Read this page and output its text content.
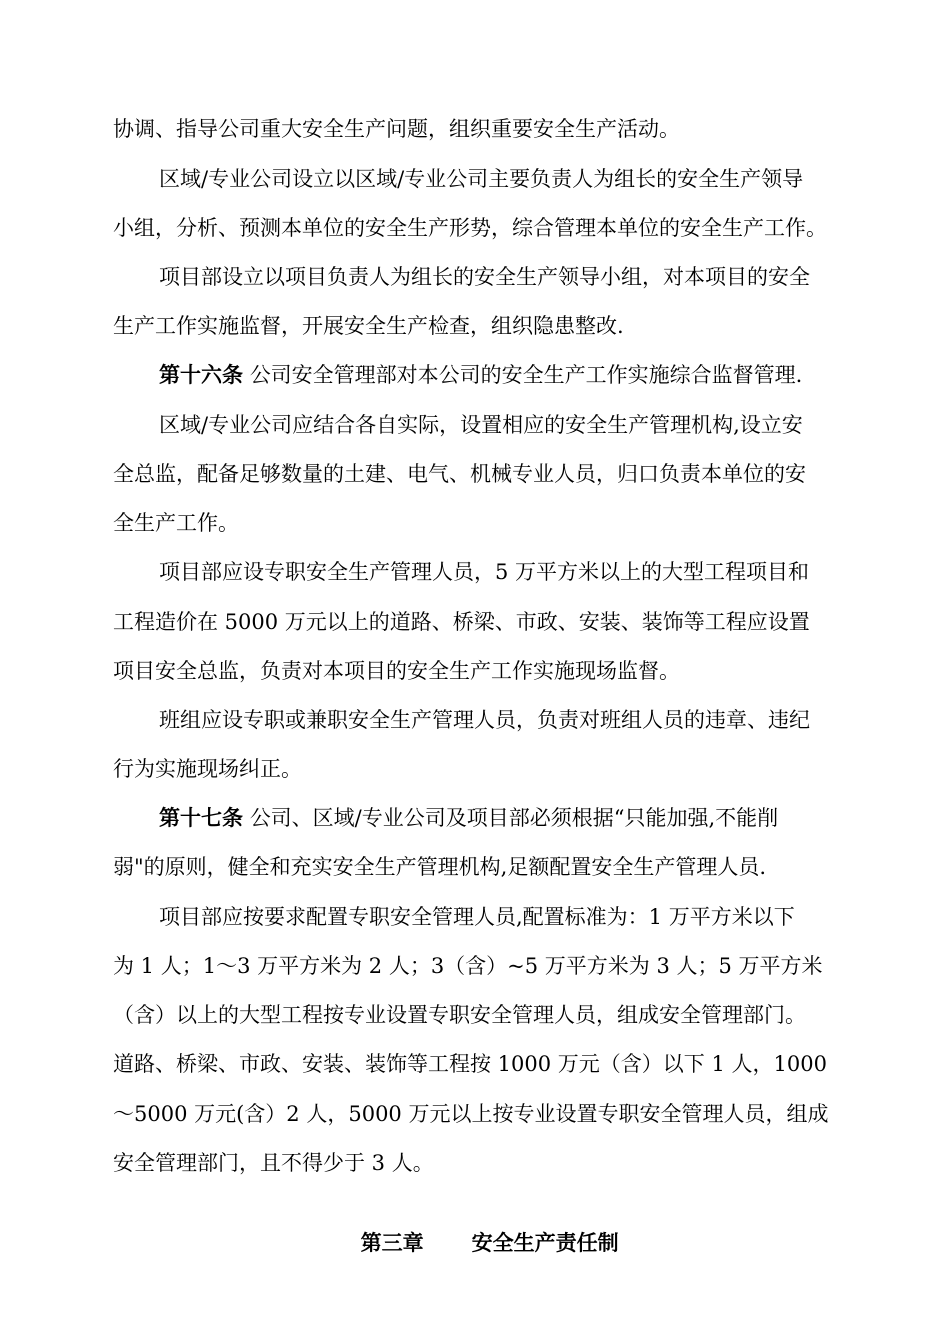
协调、指导公司重大安全生产问题，组织重要安全生产活动。
区域/专业公司设立以区域/专业公司主要负责人为组长的安全生产领导
小组，分析、预测本单位的安全生产形势，综合管理本单位的安全生产工作。
项目部设立以项目负责人为组长的安全生产领导小组，对本项目的安全
生产工作实施监督，开展安全生产检查，组织隐患整改.
第十六条 公司安全管理部对本公司的安全生产工作实施综合监督管理.
区域/专业公司应结合各自实际，设置相应的安全生产管理机构,设立安
全总监，配备足够数量的土建、电气、机械专业人员，归口负责本单位的安
全生产工作。
项目部应设专职安全生产管理人员，5 万平方米以上的大型工程项目和
工程造价在 5000 万元以上的道路、桥梁、市政、安装、装饰等工程应设置
项目安全总监，负责对本项目的安全生产工作实施现场监督。
班组应设专职或兼职安全生产管理人员，负责对班组人员的违章、违纪
行为实施现场纠正。
第十七条 公司、区域/专业公司及项目部必须根据“只能加强,不能削
弱"的原则，健全和充实安全生产管理机构,足额配置安全生产管理人员.
项目部应按要求配置专职安全管理人员,配置标准为：1 万平方米以下
为 1 人；1～3 万平方米为 2 人；3（含）~5 万平方米为 3 人；5 万平方米
（含）以上的大型工程按专业设置专职安全管理人员，组成安全管理部门。
道路、桥梁、市政、安装、装饰等工程按 1000 万元（含）以下 1 人，1000
～5000 万元(含）2 人，5000 万元以上按专业设置专职安全管理人员，组成
安全管理部门，且不得少于 3 人。

第三章 安全生产责任制
